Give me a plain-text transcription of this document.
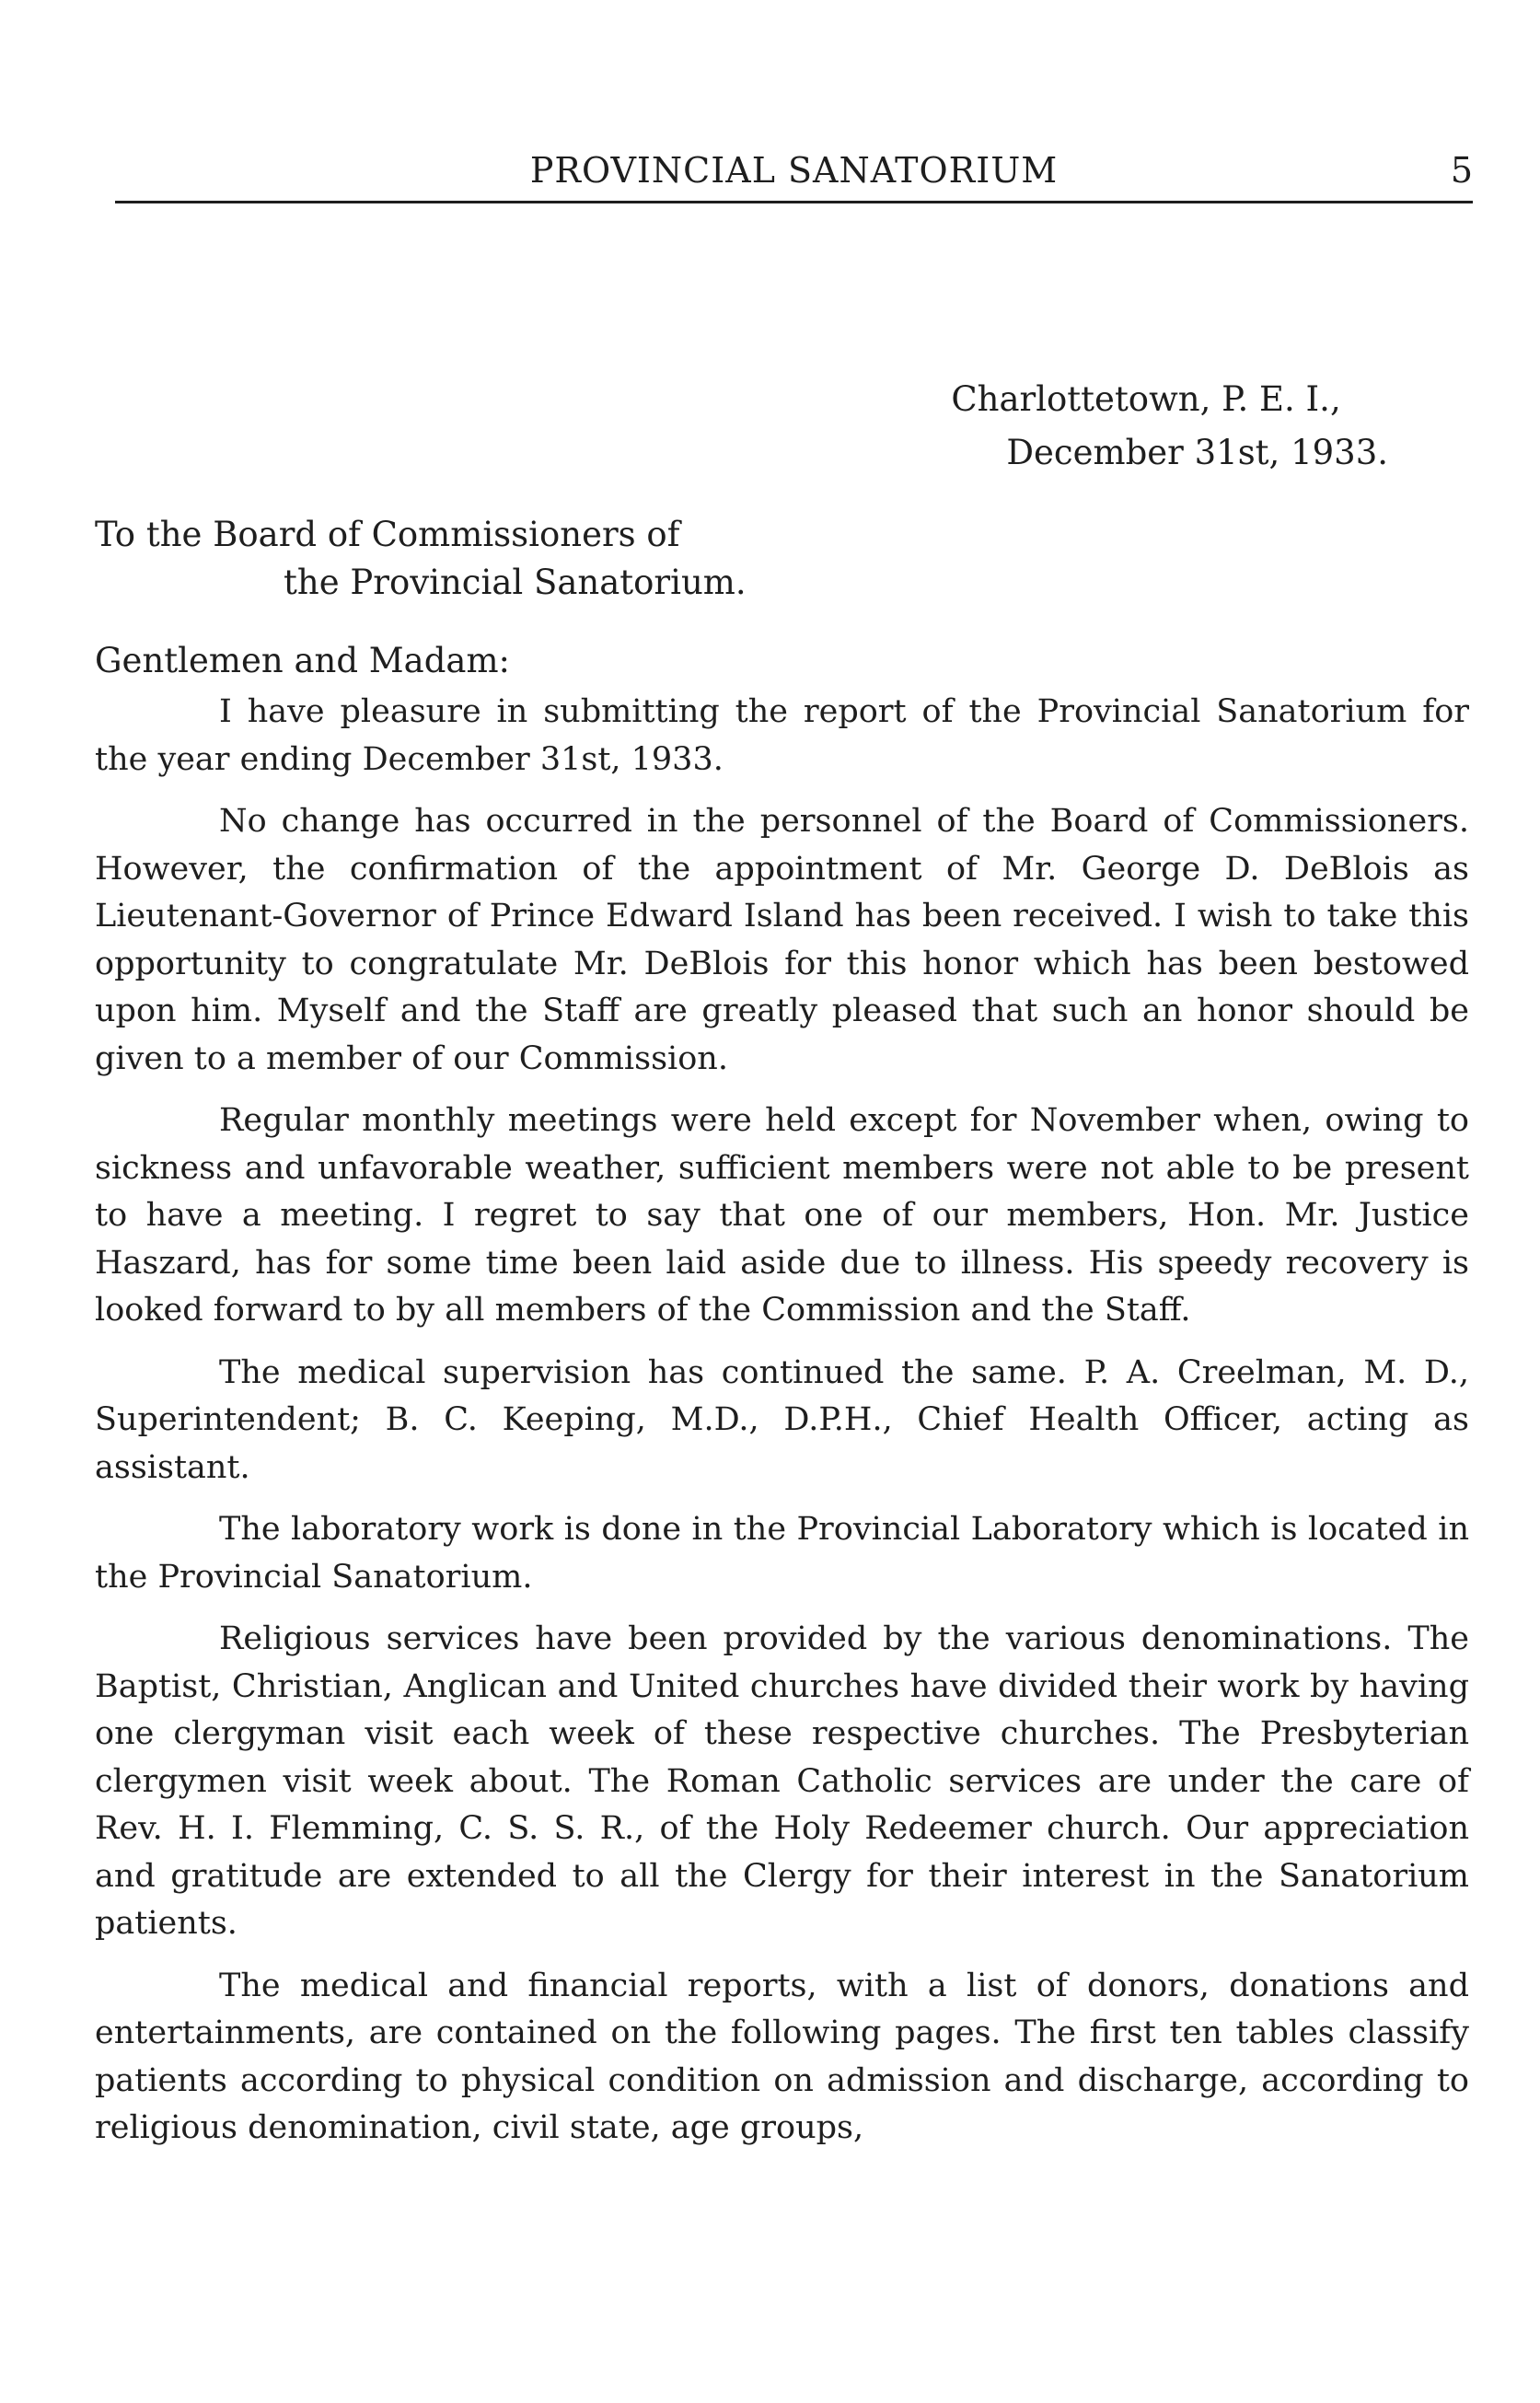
PROVINCIAL SANATORIUM	5
Charlottetown, P. E. I.,
December 31st, 1933.
To the Board of Commissioners of
the Provincial Sanatorium.
Gentlemen and Madam:

I have pleasure in submitting the report of the Provincial Sanatorium for the year ending December 31st, 1933.

No change has occurred in the personnel of the Board of Commissioners. However, the confirmation of the appointment of Mr. George D. DeBlois as Lieutenant-Governor of Prince Edward Island has been received. I wish to take this opportunity to congratulate Mr. DeBlois for this honor which has been bestowed upon him. Myself and the Staff are greatly pleased that such an honor should be given to a member of our Commission.

Regular monthly meetings were held except for November when, owing to sickness and unfavorable weather, sufficient members were not able to be present to have a meeting. I regret to say that one of our members, Hon. Mr. Justice Haszard, has for some time been laid aside due to illness. His speedy recovery is looked forward to by all members of the Commission and the Staff.

The medical supervision has continued the same. P. A. Creelman, M. D., Superintendent; B. C. Keeping, M.D., D.P.H., Chief Health Officer, acting as assistant.

The laboratory work is done in the Provincial Laboratory which is located in the Provincial Sanatorium.

Religious services have been provided by the various denominations. The Baptist, Christian, Anglican and United churches have divided their work by having one clergyman visit each week of these respective churches. The Presbyterian clergymen visit week about. The Roman Catholic services are under the care of Rev. H. I. Flemming, C. S. S. R., of the Holy Redeemer church. Our appreciation and gratitude are extended to all the Clergy for their interest in the Sanatorium patients.

The medical and financial reports, with a list of donors, donations and entertainments, are contained on the following pages. The first ten tables classify patients according to physical condition on admission and discharge, according to religious denomination, civil state, age groups,
